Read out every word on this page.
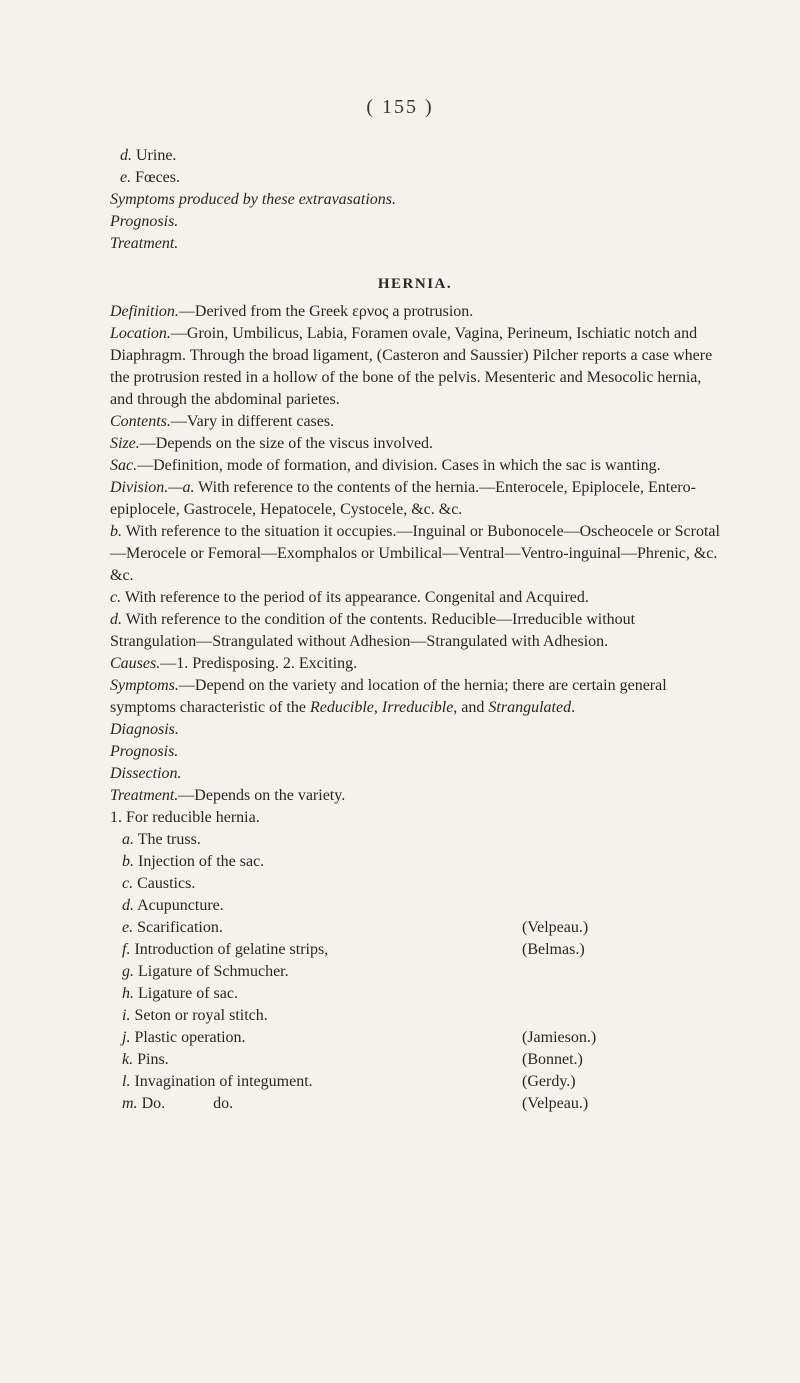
( 155 )

d. Urine.

e. Fœces.

Symptoms produced by these extravasations.

Prognosis.

Treatment.

HERNIA.

Definition.—Derived from the Greek ερνος a protrusion.

Location.—Groin, Umbilicus, Labia, Foramen ovale, Vagina, Perineum, Ischiatic notch and Diaphragm. Through the broad ligament, (Casteron and Saussier) Pilcher reports a case where the protrusion rested in a hollow of the bone of the pelvis. Mesenteric and Mesocolic hernia, and through the abdominal parietes.

Contents.—Vary in different cases.

Size.—Depends on the size of the viscus involved.

Sac.—Definition, mode of formation, and division. Cases in which the sac is wanting.

Division.—a. With reference to the contents of the hernia.—Enterocele, Epiplocele, Entero-epiplocele, Gastrocele, Hepatocele, Cystocele, &c. &c.

b. With reference to the situation it occupies.—Inguinal or Bubonocele—Oscheocele or Scrotal—Merocele or Femoral—Exomphalos or Umbilical—Ventral—Ventro-inguinal—Phrenic, &c. &c.

c. With reference to the period of its appearance. Congenital and Acquired.

d. With reference to the condition of the contents. Reducible—Irreducible without Strangulation—Strangulated without Adhesion—Strangulated with Adhesion.

Causes.—1. Predisposing. 2. Exciting.

Symptoms.—Depend on the variety and location of the hernia; there are certain general symptoms characteristic of the Reducible, Irreducible, and Strangulated.

Diagnosis.

Prognosis.

Dissection.

Treatment.—Depends on the variety.

1. For reducible hernia.

a. The truss.
b. Injection of the sac.
c. Caustics.
d. Acupuncture.
e. Scarification.	(Velpeau.)
f. Introduction of gelatine strips,	(Belmas.)
g. Ligature of Schmucher.
h. Ligature of sac.
i. Seton or royal stitch.
j. Plastic operation.	(Jamieson.)
k. Pins.	(Bonnet.)
l. Invagination of integument.	(Gerdy.)
m. Do.            do.	(Velpeau.)
